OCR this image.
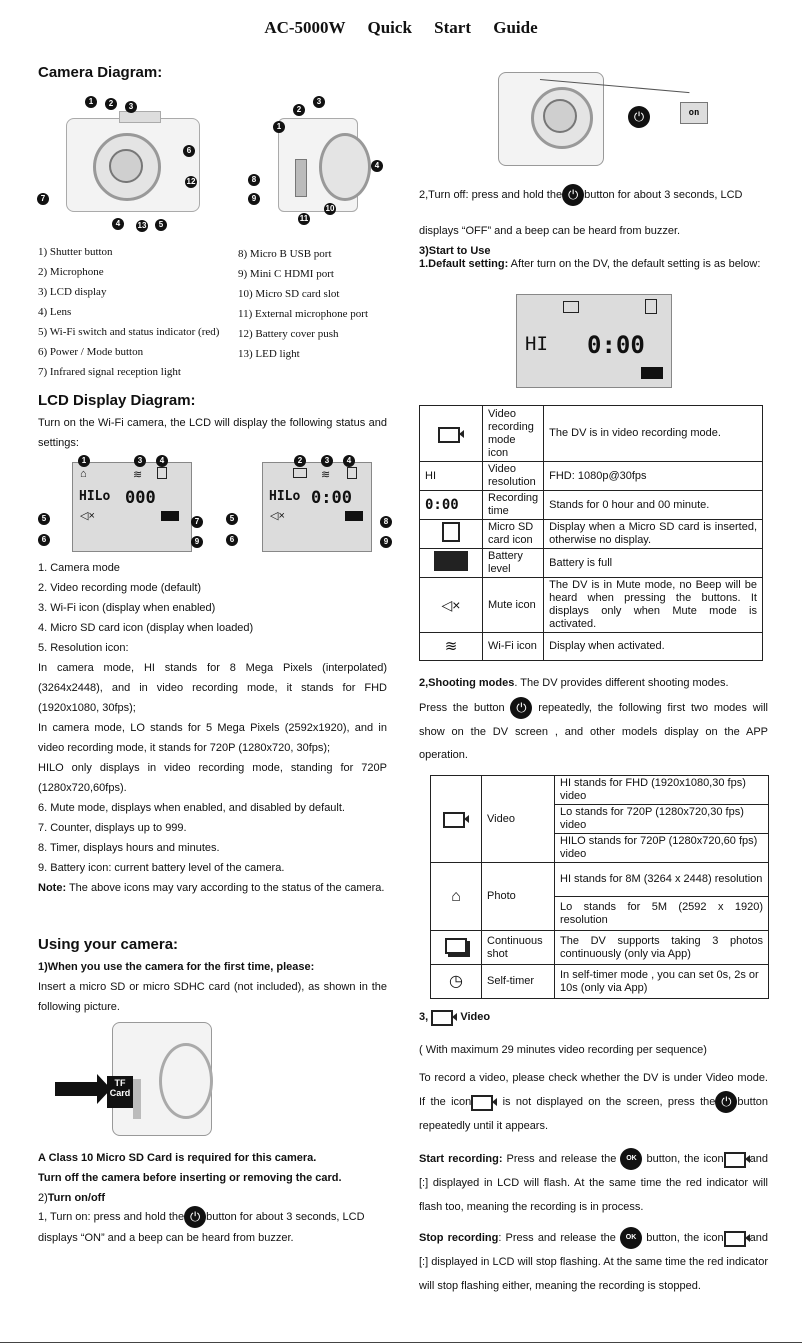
AC-5000W Quick Start Guide
Camera Diagram:
1	2	3
6
12
7
4	13	5
2
3
1
4
8
9
10
11
1) Shutter button
2) Microphone
3) LCD display
4) Lens
5) Wi-Fi switch and status indicator (red)
6) Power / Mode button
7) Infrared signal reception light
8) Micro B USB port
9) Mini C HDMI port
10) Micro SD card slot
11) External microphone port
12) Battery cover push
13) LED light
LCD Display Diagram:
Turn on the Wi-Fi camera, the LCD will display the following status and settings:
HILo 000
⌂	≋
◁×
1	3	4
5	7
6	9
HILo 0:00
≋
◁×
2	3	4
5	8
6	9
1. Camera mode
2. Video recording mode (default)
3. Wi-Fi icon (display when enabled)
4. Micro SD card icon (display when loaded)
5. Resolution icon:
In camera mode, HI stands for 8 Mega Pixels (interpolated) (3264x2448), and in video recording mode, it stands for FHD (1920x1080, 30fps);
In camera mode, LO stands for 5 Mega Pixels (2592x1920), and in video recording mode, it stands for 720P (1280x720, 30fps);
HILO only displays in video recording mode, standing for 720P (1280x720,60fps).
6. Mute mode, displays when enabled, and disabled by default.
7. Counter, displays up to 999.
8. Timer, displays hours and minutes.
9. Battery icon: current battery level of the camera.
Note: The above icons may vary according to the status of the camera.
Using your camera:
1)When you use the camera for the first time, please:
Insert a micro SD or micro SDHC card (not included), as shown in the following picture.
TF Card
A Class 10 Micro SD Card is required for this camera.
Turn off the camera before inserting or removing the card.
2)Turn on/off
1, Turn on: press and hold the ⏻ button for about 3 seconds, LCD displays “ON” and a beep can be heard from buzzer.
⏻	on
2,Turn off: press and hold the ⏻ button for about 3 seconds, LCD
displays “OFF” and a beep can be heard from buzzer.
3)Start to Use
1.Default setting: After turn on the DV, the default setting is as below:
HI 0:00
	Video recording mode icon	The DV is in video recording mode.
HI	Video resolution	FHD: 1080p@30fps
0:00	Recording time	Stands for 0 hour and 00 minute.
	Micro SD card icon	Display when a Micro SD card is inserted, otherwise no display.
	Battery level	Battery is full
◁×	Mute icon	The DV is in Mute mode, no Beep will be heard when pressing the buttons. It displays only when Mute mode is activated.
≋	Wi-Fi icon	Display when activated.
2,Shooting modes. The DV provides different shooting modes.
Press the button ⏻ repeatedly, the following first two modes will show on the DV screen , and other models display on the APP operation.
	Video	HI stands for FHD (1920x1080,30 fps) video
		Lo stands for 720P (1280x720,30 fps) video
		HILO stands for 720P (1280x720,60 fps) video
⌂	Photo	HI stands for 8M (3264 x 2448) resolution
		Lo stands for 5M (2592 x 1920) resolution
	Continuous shot	The DV supports taking 3 photos continuously (only via App)
◷	Self-timer	In self-timer mode , you can set 0s, 2s or 10s (only via App)
3,	Video
( With maximum 29 minutes video recording per sequence)
To record a video, please check whether the DV is under Video mode. If the icon	is not displayed on the screen, press the ⏻ button repeatedly until it appears.
Start recording: Press and release the OK button, the icon and [:] displayed in LCD will flash. At the same time the red indicator will flash too, meaning the recording is in process.
Stop recording: Press and release the OK button, the icon and [:] displayed in LCD will stop flashing. At the same time the red indicator will stop flashing either, meaning the recording is stopped.
